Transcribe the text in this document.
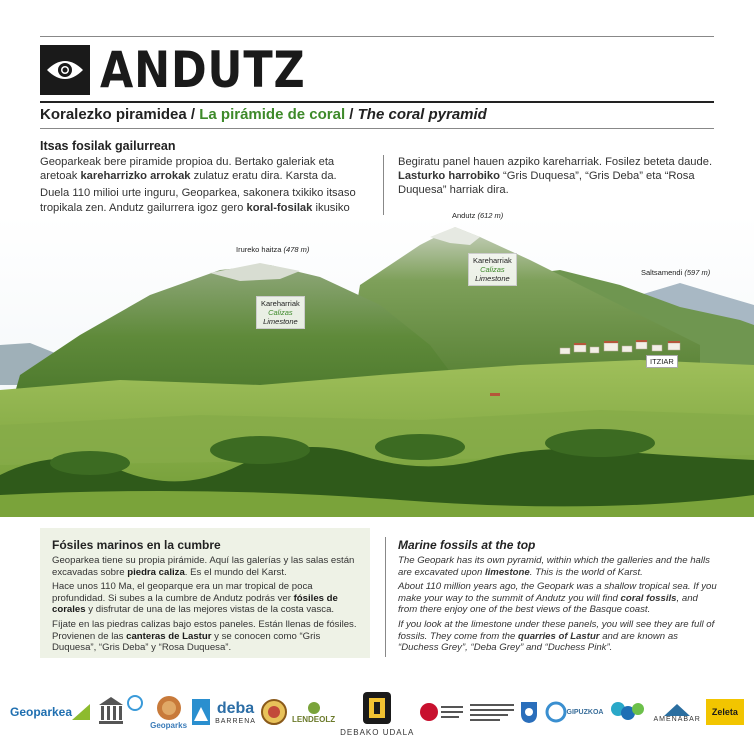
ANDUTZ
Koralezko piramidea / La pirámide de coral / The coral pyramid
Itsas fosilak gailurrean

Geoparkeak bere piramide propioa du. Bertako galeriak eta aretoak kareharrizko arrokak zulatuz eratu dira. Karsta da.

Duela 110 milioi urte inguru, Geoparkea, sakonera txikiko itsaso tropikala zen. Andutz gailurrera igoz gero koral-fosilak ikusiko

Begiratu panel hauen azpiko kareharriak. Fosilez beteta daude. Lasturko harrobiko “Gris Duquesa”, “Gris Deba” eta “Rosa Duquesa” harriak dira.

Irureko haitza (478 m)
Andutz (612 m)
Saltsamendi (597 m)
Kareharriak
Calizas
Limestone
Kareharriak
Calizas
Limestone
ITZIAR
Fósiles marinos en la cumbre

Geoparkea tiene su propia pirámide. Aquí las galerías y las salas están excavadas sobre piedra caliza. Es el mundo del Karst.

Hace unos 110 Ma, el geoparque era un mar tropical de poca profundidad. Si subes a la cumbre de Andutz podrás ver fósiles de corales y disfrutar de una de las mejores vistas de la costa vasca.

Fíjate en las piedras calizas bajo estos paneles. Están llenas de fósiles. Provienen de las canteras de Lastur y se conocen como “Gris Duquesa”, “Gris Deba” y “Rosa Duquesa”.

Marine fossils at the top

The Geopark has its own pyramid, within which the galleries and the halls are excavated upon limestone. This is the world of Karst.

About 110 million years ago, the Geopark was a shallow tropical sea. If you make your way to the summit of Andutz you will find coral fossils, and from there enjoy one of the best views of the Basque coast.

If you look at the limestone under these panels, you will see they are full of fossils. They come from the quarries of Lastur and are known as “Duchess Grey”, “Deba Grey” and “Duchess Pink”.

Geoparkea
Geoparks
deba
BARRENA	LENDEOLZ
DEBAKO UDALA
GIPUZKOA
AMENABAR
Zeleta
